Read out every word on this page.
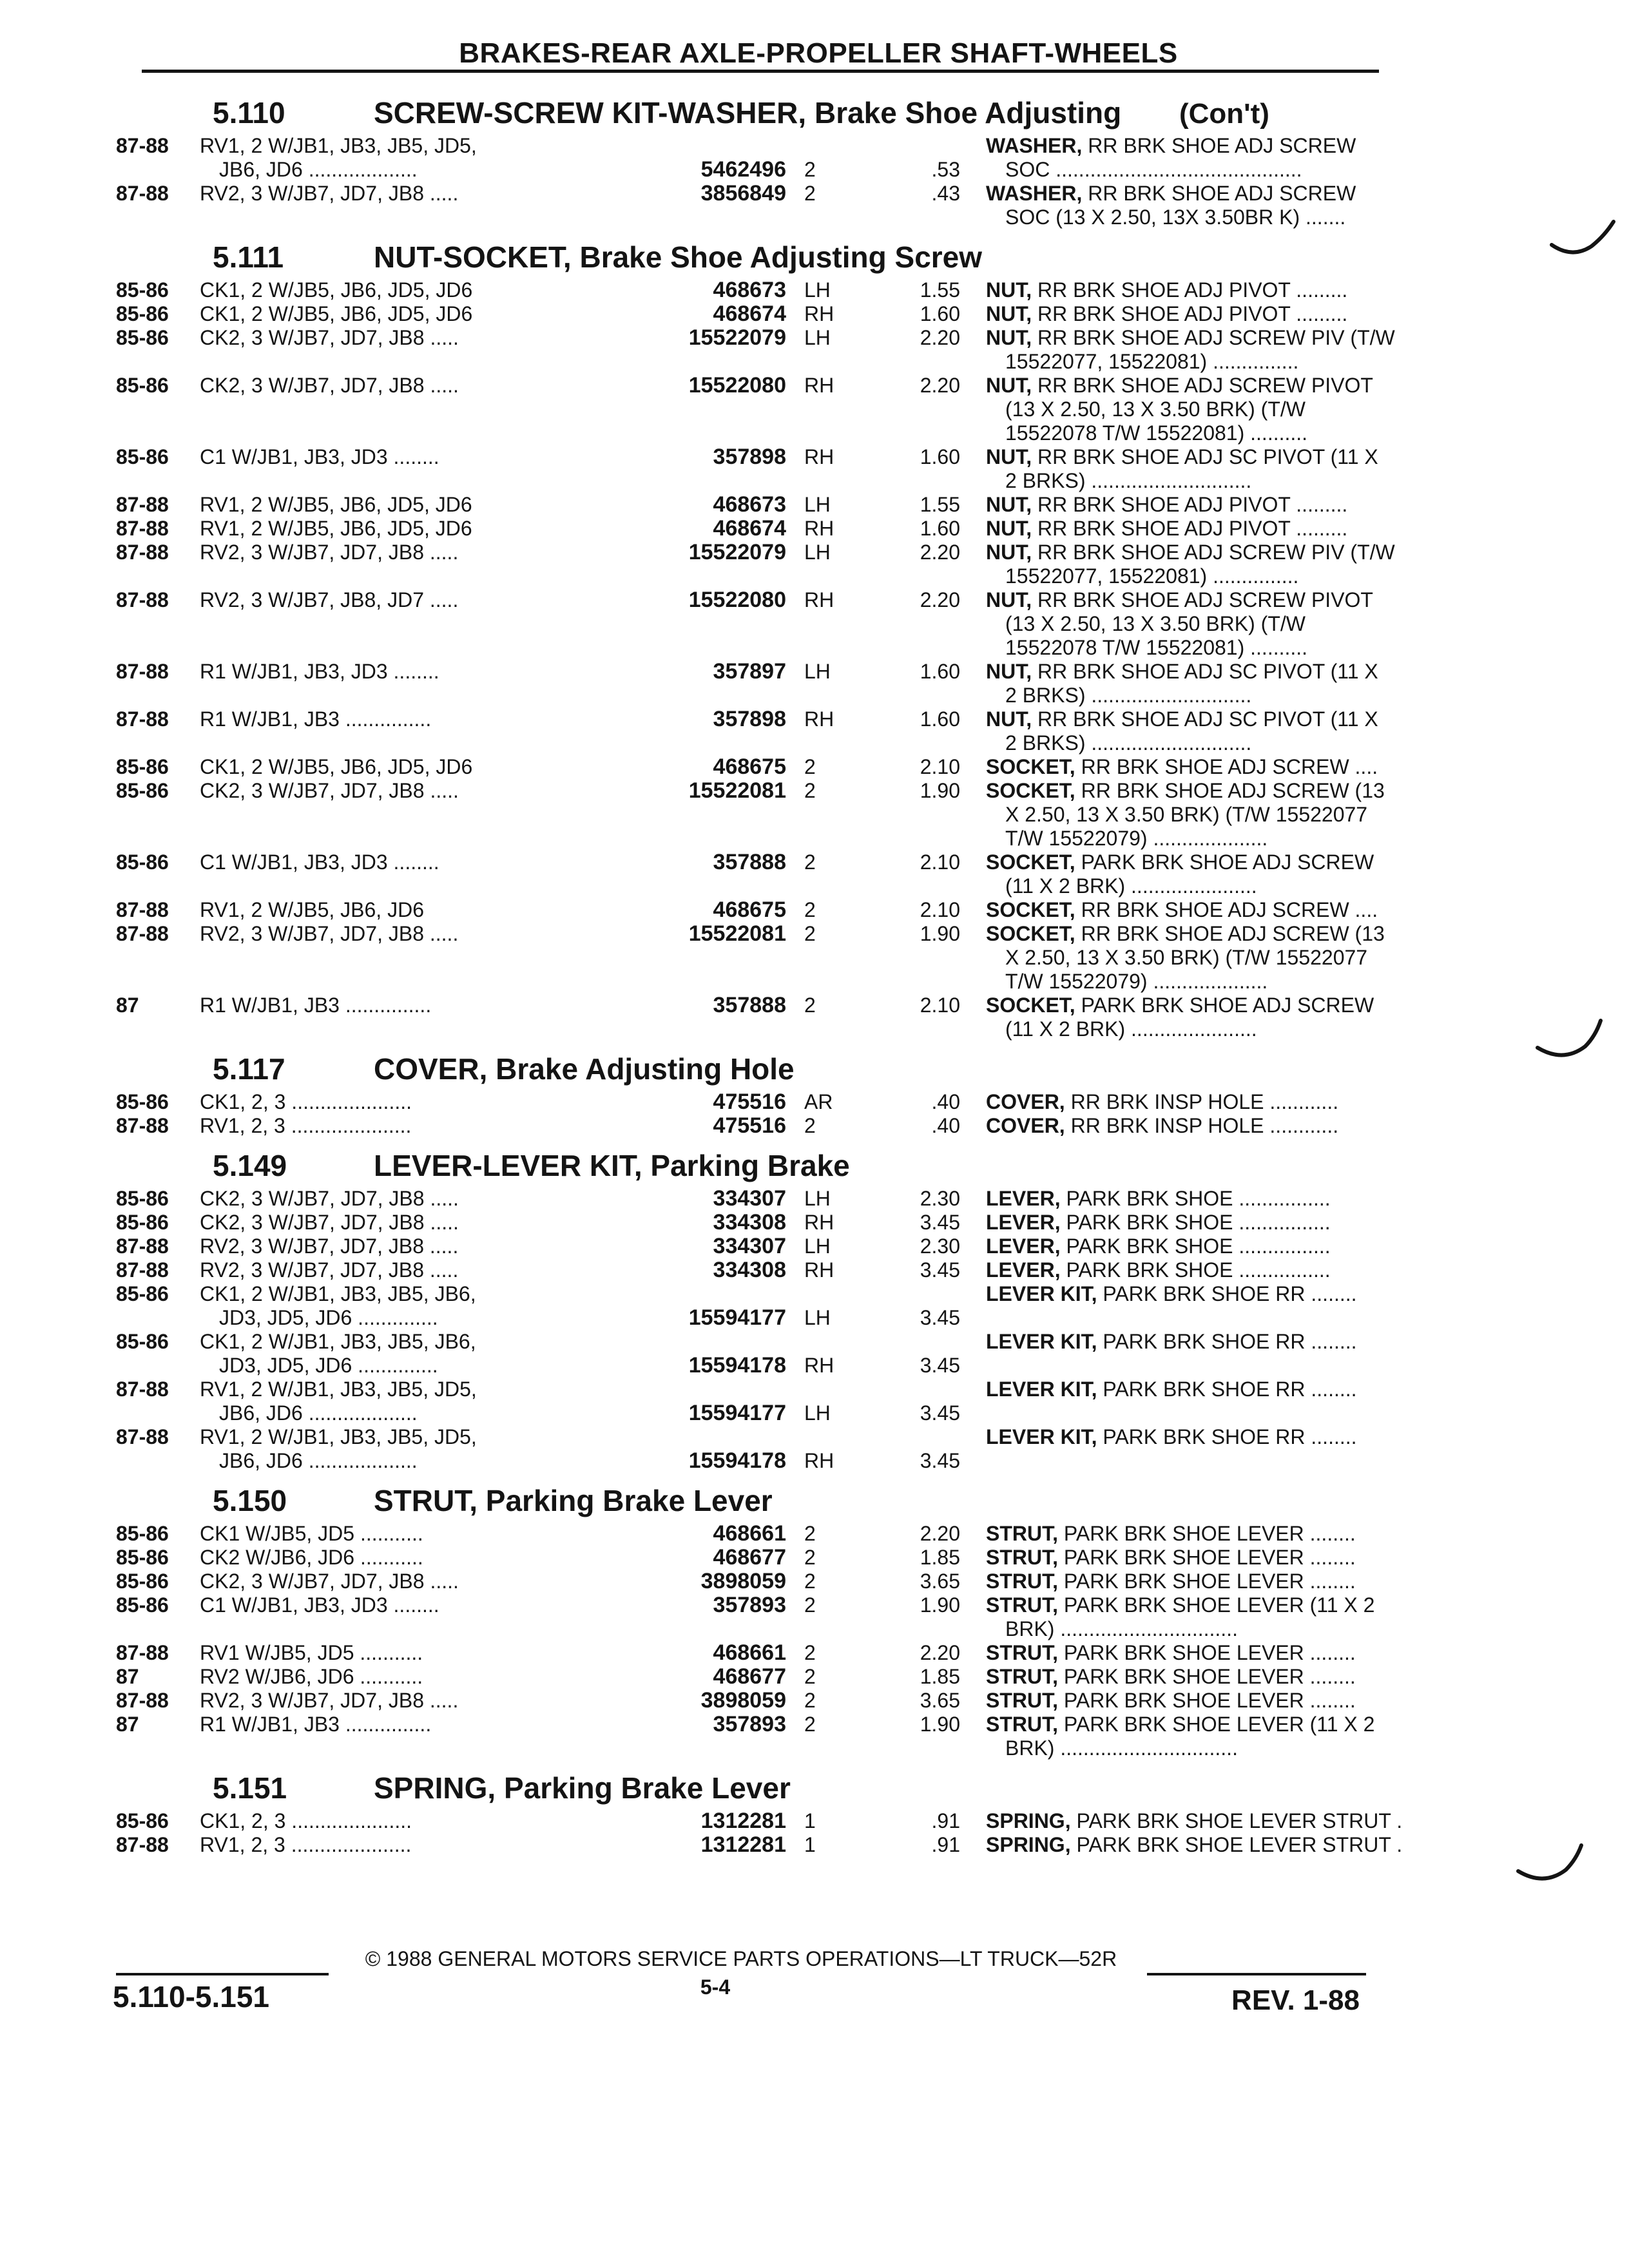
BRAKES-REAR AXLE-PROPELLER SHAFT-WHEELS
5.110	SCREW-SCREW KIT-WASHER, Brake Shoe Adjusting (Con't)
87-88 RV1, 2 W/JB1, JB3, JB5, JD5,
JB6, JD6 ...................	5462496 2	.53
WASHER, RR BRK SHOE ADJ SCREW
SOC ...........................................
87-88 RV2, 3 W/JB7, JD7, JB8 .....	3856849 2	.43 WASHER, RR BRK SHOE ADJ SCREW
SOC (13 X 2.50, 13X 3.50BR K) .......
5.111	NUT-SOCKET, Brake Shoe Adjusting Screw
85-86 CK1, 2 W/JB5, JB6, JD5, JD6	468673 LH	1.55 NUT, RR BRK SHOE ADJ PIVOT .........
85-86 CK1, 2 W/JB5, JB6, JD5, JD6	468674 RH	1.60 NUT, RR BRK SHOE ADJ PIVOT .........
85-86 CK2, 3 W/JB7, JD7, JB8 .....	15522079 LH	2.20 NUT, RR BRK SHOE ADJ SCREW PIV (T/W
15522077, 15522081) ...............
85-86 CK2, 3 W/JB7, JD7, JB8 .....	15522080 RH	2.20 NUT, RR BRK SHOE ADJ SCREW PIVOT
(13 X 2.50, 13 X 3.50 BRK) (T/W
15522078 T/W 15522081) ..........
85-86 C1 W/JB1, JB3, JD3 ........	357898 RH	1.60 NUT, RR BRK SHOE ADJ SC PIVOT (11 X
2 BRKS) ............................
87-88 RV1, 2 W/JB5, JB6, JD5, JD6	468673 LH	1.55 NUT, RR BRK SHOE ADJ PIVOT .........
87-88 RV1, 2 W/JB5, JB6, JD5, JD6	468674 RH	1.60 NUT, RR BRK SHOE ADJ PIVOT .........
87-88 RV2, 3 W/JB7, JD7, JB8 .....	15522079 LH	2.20 NUT, RR BRK SHOE ADJ SCREW PIV (T/W
15522077, 15522081) ...............
87-88 RV2, 3 W/JB7, JB8, JD7 .....	15522080 RH	2.20 NUT, RR BRK SHOE ADJ SCREW PIVOT
(13 X 2.50, 13 X 3.50 BRK) (T/W
15522078 T/W 15522081) ..........
87-88 R1 W/JB1, JB3, JD3 ........	357897 LH	1.60 NUT, RR BRK SHOE ADJ SC PIVOT (11 X
2 BRKS) ............................
87-88 R1 W/JB1, JB3 ...............	357898 RH	1.60 NUT, RR BRK SHOE ADJ SC PIVOT (11 X
2 BRKS) ............................
85-86 CK1, 2 W/JB5, JB6, JD5, JD6	468675 2	2.10 SOCKET, RR BRK SHOE ADJ SCREW ....
85-86 CK2, 3 W/JB7, JD7, JB8 .....	15522081 2	1.90 SOCKET, RR BRK SHOE ADJ SCREW (13
X 2.50, 13 X 3.50 BRK) (T/W 15522077
T/W 15522079) ....................
85-86 C1 W/JB1, JB3, JD3 ........	357888 2	2.10 SOCKET, PARK BRK SHOE ADJ SCREW
(11 X 2 BRK) ......................
87-88 RV1, 2 W/JB5, JB6, JD6	468675 2	2.10 SOCKET, RR BRK SHOE ADJ SCREW ....
87-88 RV2, 3 W/JB7, JD7, JB8 .....	15522081 2	1.90 SOCKET, RR BRK SHOE ADJ SCREW (13
X 2.50, 13 X 3.50 BRK) (T/W 15522077
T/W 15522079) ....................
87	R1 W/JB1, JB3 ...............	357888 2	2.10 SOCKET, PARK BRK SHOE ADJ SCREW
(11 X 2 BRK) ......................
5.117	COVER, Brake Adjusting Hole
85-86 CK1, 2, 3 .....................	475516 AR	.40 COVER, RR BRK INSP HOLE ............
87-88 RV1, 2, 3 .....................	475516 2	.40 COVER, RR BRK INSP HOLE ............
5.149	LEVER-LEVER KIT, Parking Brake
85-86 CK2, 3 W/JB7, JD7, JB8 .....	334307 LH	2.30 LEVER, PARK BRK SHOE ................
85-86 CK2, 3 W/JB7, JD7, JB8 .....	334308 RH	3.45 LEVER, PARK BRK SHOE ................
87-88 RV2, 3 W/JB7, JD7, JB8 .....	334307 LH	2.30 LEVER, PARK BRK SHOE ................
87-88 RV2, 3 W/JB7, JD7, JB8 .....	334308 RH	3.45 LEVER, PARK BRK SHOE ................
85-86 CK1, 2 W/JB1, JB3, JB5, JB6,
JD3, JD5, JD6 ..............	15594177 LH	3.45
LEVER KIT, PARK BRK SHOE RR ........
85-86 CK1, 2 W/JB1, JB3, JB5, JB6,
JD3, JD5, JD6 ..............	15594178 RH	3.45
LEVER KIT, PARK BRK SHOE RR ........
87-88 RV1, 2 W/JB1, JB3, JB5, JD5,
JB6, JD6 ...................	15594177 LH	3.45
LEVER KIT, PARK BRK SHOE RR ........
87-88 RV1, 2 W/JB1, JB3, JB5, JD5,
JB6, JD6 ...................	15594178 RH	3.45
LEVER KIT, PARK BRK SHOE RR ........
5.150	STRUT, Parking Brake Lever
85-86 CK1 W/JB5, JD5 ...........	468661 2	2.20 STRUT, PARK BRK SHOE LEVER ........
85-86 CK2 W/JB6, JD6 ...........	468677 2	1.85 STRUT, PARK BRK SHOE LEVER ........
85-86 CK2, 3 W/JB7, JD7, JB8 .....	3898059 2	3.65 STRUT, PARK BRK SHOE LEVER ........
85-86 C1 W/JB1, JB3, JD3 ........	357893 2	1.90 STRUT, PARK BRK SHOE LEVER (11 X 2
BRK) ...............................
87-88 RV1 W/JB5, JD5 ...........	468661 2	2.20 STRUT, PARK BRK SHOE LEVER ........
87	RV2 W/JB6, JD6 ...........	468677 2	1.85 STRUT, PARK BRK SHOE LEVER ........
87-88 RV2, 3 W/JB7, JD7, JB8 .....	3898059 2	3.65 STRUT, PARK BRK SHOE LEVER ........
87	R1 W/JB1, JB3 ...............	357893 2	1.90 STRUT, PARK BRK SHOE LEVER (11 X 2
BRK) ...............................
5.151	SPRING, Parking Brake Lever
85-86 CK1, 2, 3 .....................	1312281 1	.91 SPRING, PARK BRK SHOE LEVER STRUT .
87-88 RV1, 2, 3 .....................	1312281 1	.91 SPRING, PARK BRK SHOE LEVER STRUT .
5.110-5.151
© 1988 GENERAL MOTORS SERVICE PARTS OPERATIONS—LT TRUCK—52R
5-4	REV. 1-88
